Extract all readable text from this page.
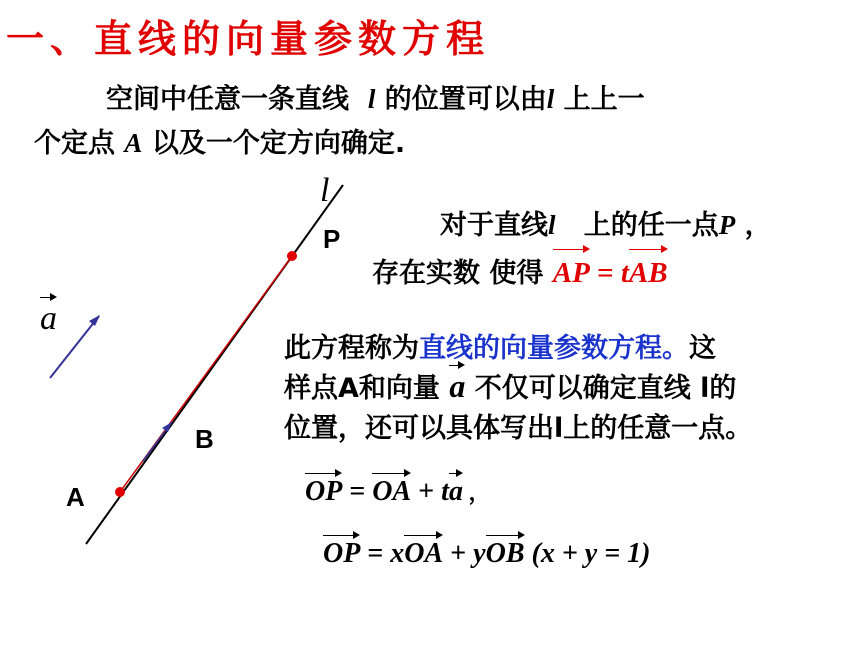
一、直线的向量参数方程
空间中任意一条直线 l 的位置可以由l 上上一
个定点 A 以及一个定方向确定.
l
P
B
A
a
对于直线l 上的任一点P ，
存在实数 使得 AP = tAB
此方程称为直线的向量参数方程。这
样点A和向量 a 不仅可以确定直线 l的
位置，还可以具体写出l上的任意一点。
OP = OA + ta ，
OP = xOA + yOB (x + y = 1)
